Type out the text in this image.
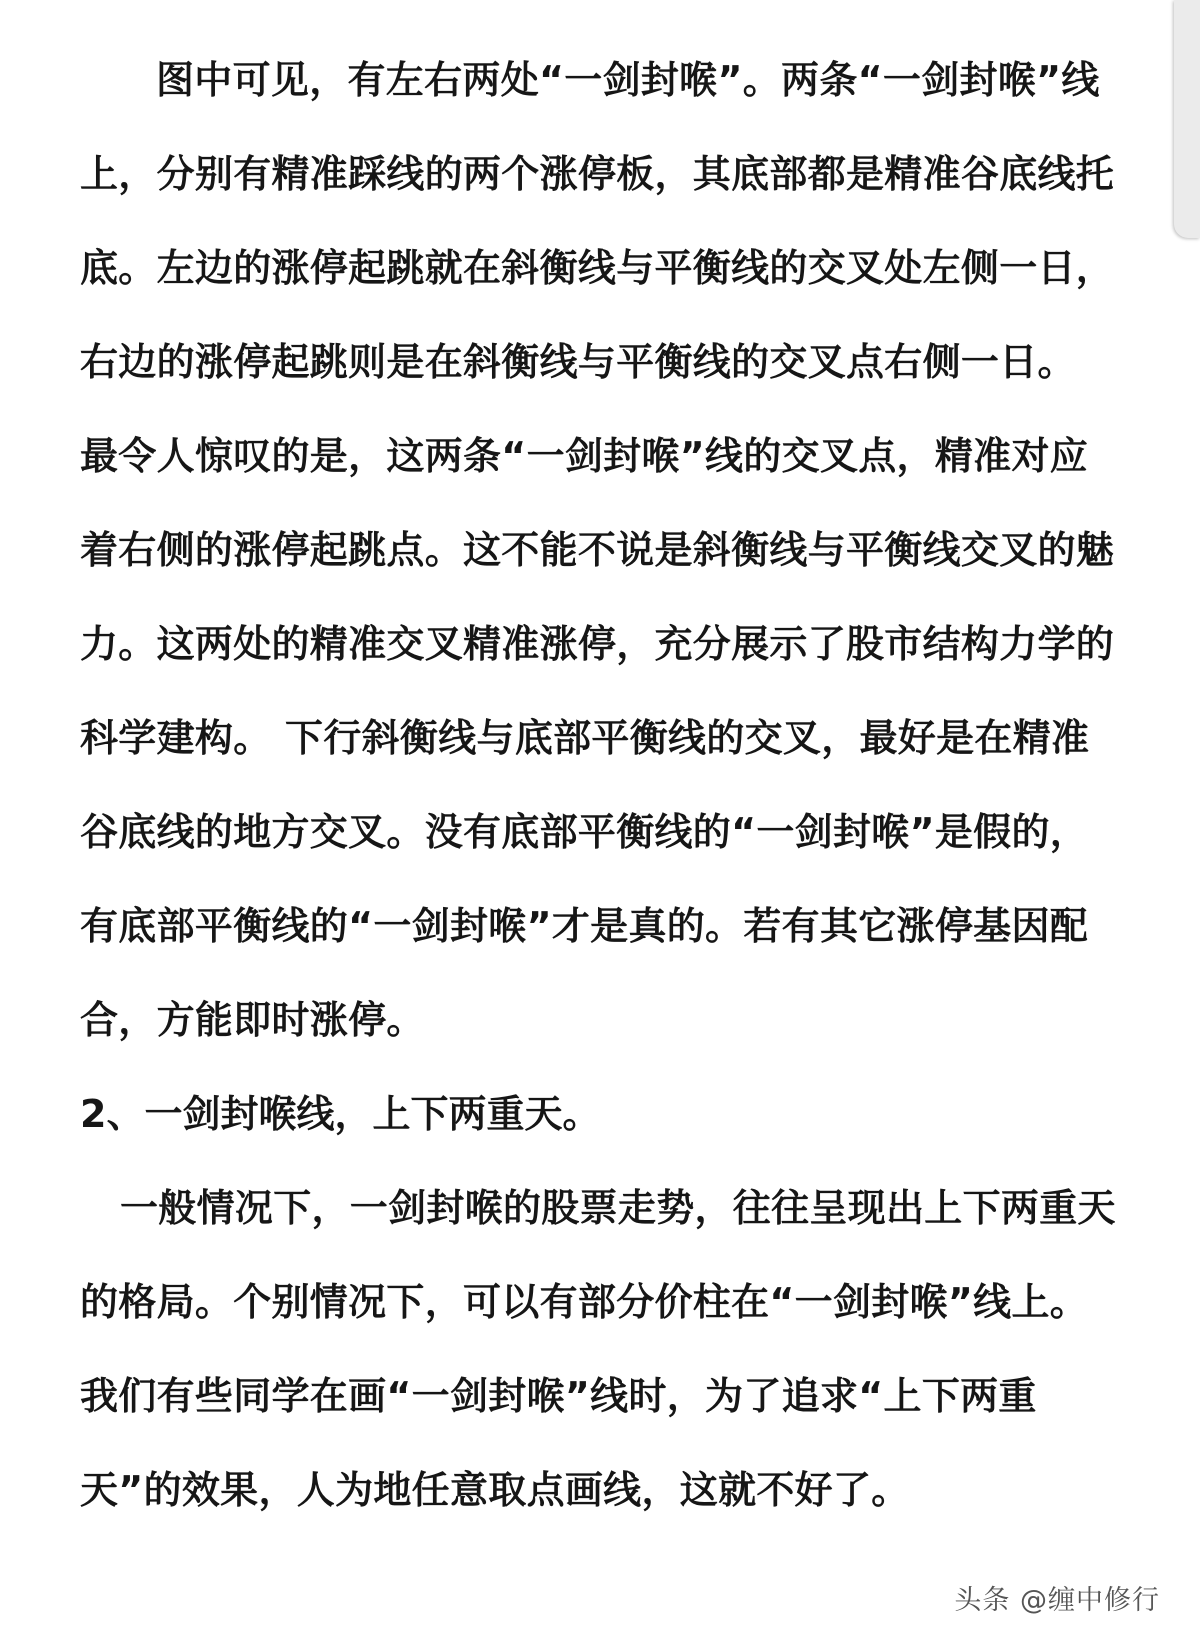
图中可见，有左右两处“一剑封喉”。两条“一剑封喉”线上，分别有精准踩线的两个涨停板，其底部都是精准谷底线托底。左边的涨停起跳就在斜衡线与平衡线的交叉处左侧一日，右边的涨停起跳则是在斜衡线与平衡线的交叉点右侧一日。 最令人惊叹的是，这两条“一剑封喉”线的交叉点，精准对应着右侧的涨停起跳点。这不能不说是斜衡线与平衡线交叉的魅力。这两处的精准交叉精准涨停，充分展示了股市结构力学的科学建构。 下行斜衡线与底部平衡线的交叉，最好是在精准谷底线的地方交叉。没有底部平衡线的“一剑封喉”是假的，有底部平衡线的“一剑封喉”才是真的。若有其它涨停基因配合，方能即时涨停。

2、一剑封喉线，上下两重天。

一般情况下，一剑封喉的股票走势，往往呈现出上下两重天的格局。个别情况下，可以有部分价柱在“一剑封喉”线上。我们有些同学在画“一剑封喉”线时，为了追求“上下两重天”的效果，人为地任意取点画线，这就不好了。

头条 @缠中修行
